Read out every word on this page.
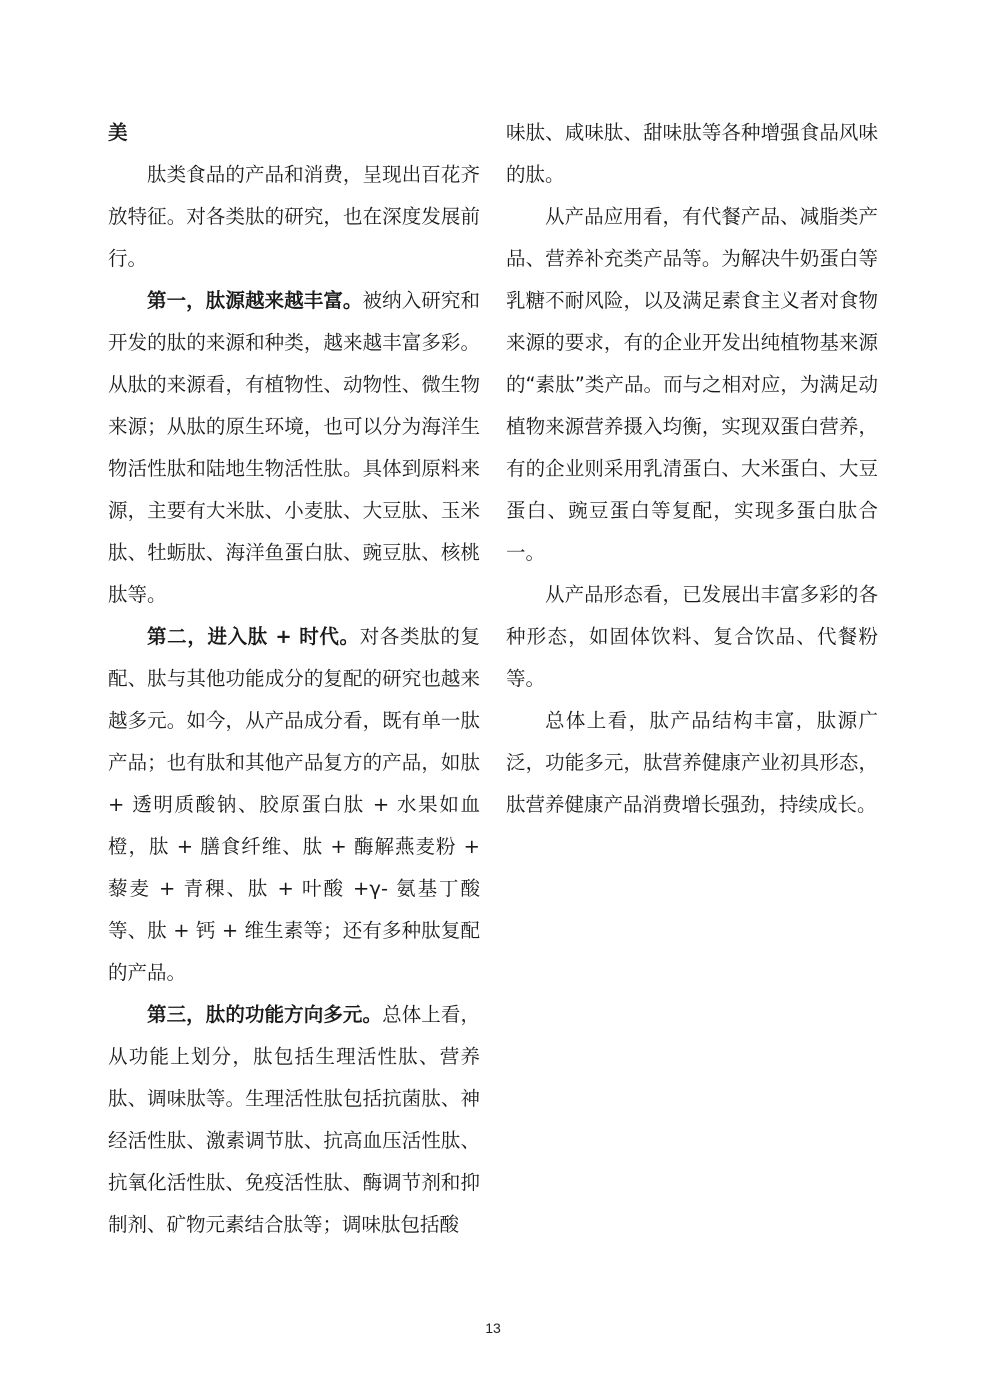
美

肽类食品的产品和消费，呈现出百花齐放特征。对各类肽的研究，也在深度发展前行。

第一，肽源越来越丰富。被纳入研究和开发的肽的来源和种类，越来越丰富多彩。从肽的来源看，有植物性、动物性、微生物来源；从肽的原生环境，也可以分为海洋生物活性肽和陆地生物活性肽。具体到原料来源，主要有大米肽、小麦肽、大豆肽、玉米肽、牡蛎肽、海洋鱼蛋白肽、豌豆肽、核桃肽等。

第二，进入肽 + 时代。对各类肽的复配、肽与其他功能成分的复配的研究也越来越多元。如今，从产品成分看，既有单一肽产品；也有肽和其他产品复方的产品，如肽 + 透明质酸钠、胶原蛋白肽 + 水果如血橙，肽 + 膳食纤维、肽 + 酶解燕麦粉 + 藜麦 + 青稞、肽 + 叶酸 +γ- 氨基丁酸等、肽 + 钙 + 维生素等；还有多种肽复配的产品。

第三，肽的功能方向多元。总体上看，从功能上划分，肽包括生理活性肽、营养肽、调味肽等。生理活性肽包括抗菌肽、神经活性肽、激素调节肽、抗高血压活性肽、抗氧化活性肽、免疫活性肽、酶调节剂和抑制剂、矿物元素结合肽等；调味肽包括酸

味肽、咸味肽、甜味肽等各种增强食品风味的肽。

从产品应用看，有代餐产品、减脂类产品、营养补充类产品等。为解决牛奶蛋白等乳糖不耐风险，以及满足素食主义者对食物来源的要求，有的企业开发出纯植物基来源的“素肽”类产品。而与之相对应，为满足动植物来源营养摄入均衡，实现双蛋白营养，有的企业则采用乳清蛋白、大米蛋白、大豆蛋白、豌豆蛋白等复配，实现多蛋白肽合一。

从产品形态看，已发展出丰富多彩的各种形态，如固体饮料、复合饮品、代餐粉等。

总体上看，肽产品结构丰富，肽源广泛，功能多元，肽营养健康产业初具形态，肽营养健康产品消费增长强劲，持续成长。

13
